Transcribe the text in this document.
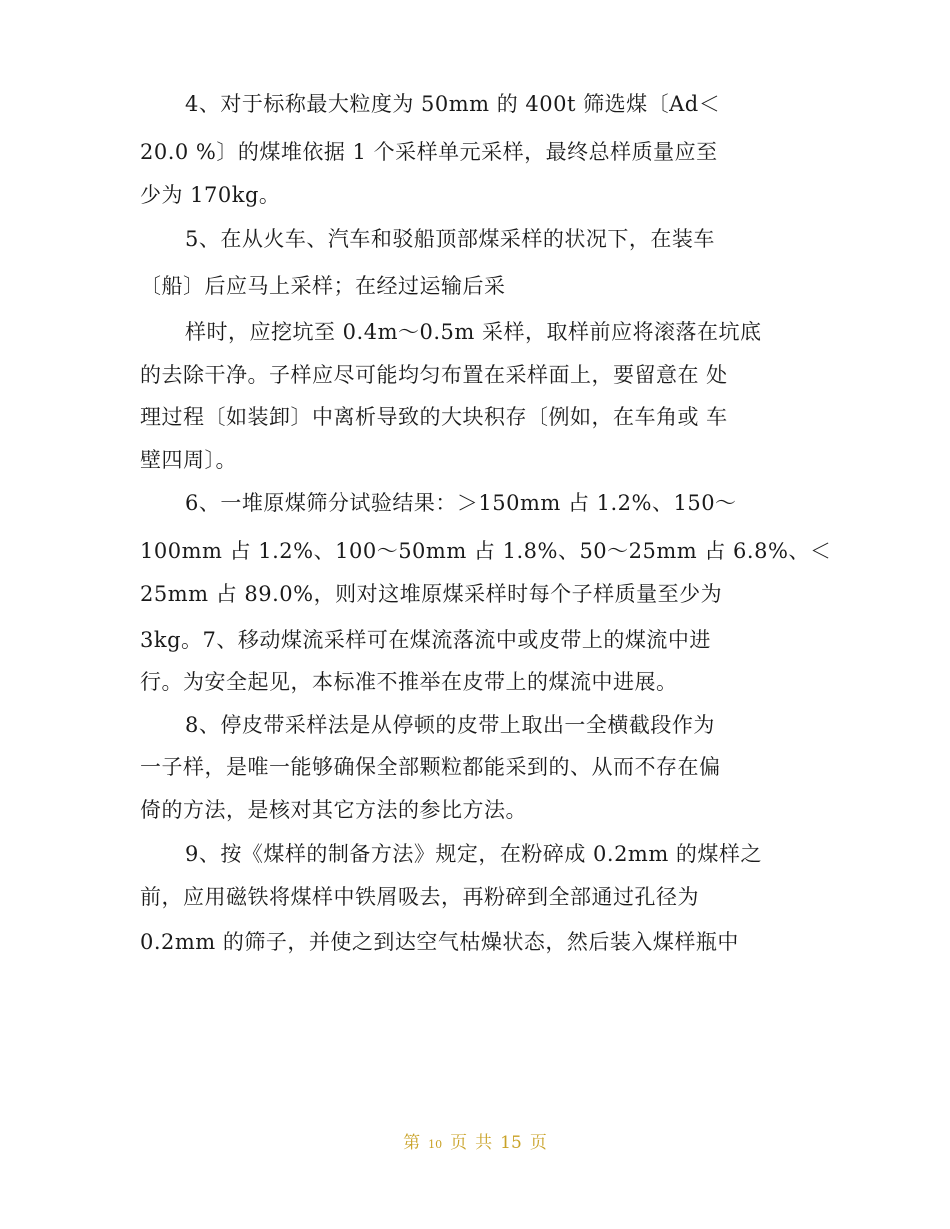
4、对于标称最大粒度为 50mm 的 400t 筛选煤〔Ad＜
20.0 %〕的煤堆依据 1 个采样单元采样，最终总样质量应至
少为 170kg。
5、在从火车、汽车和驳船顶部煤采样的状况下，在装车
〔船〕后应马上采样；在经过运输后采
样时，应挖坑至 0.4m～0.5m 采样，取样前应将滚落在坑底
的去除干净。子样应尽可能均匀布置在采样面上，要留意在 处
理过程〔如装卸〕中离析导致的大块积存〔例如，在车角或 车
壁四周〕。
6、一堆原煤筛分试验结果：＞150mm 占 1.2%、150～
100mm 占 1.2%、100～50mm 占 1.8%、50～25mm 占 6.8%、＜
25mm 占 89.0%，则对这堆原煤采样时每个子样质量至少为
3kg。7、移动煤流采样可在煤流落流中或皮带上的煤流中进
行。为安全起见，本标准不推举在皮带上的煤流中进展。
8、停皮带采样法是从停顿的皮带上取出一全横截段作为
一子样，是唯一能够确保全部颗粒都能采到的、从而不存在偏
倚的方法，是核对其它方法的参比方法。
9、按《煤样的制备方法》规定，在粉碎成 0.2mm 的煤样之
前，应用磁铁将煤样中铁屑吸去，再粉碎到全部通过孔径为
0.2mm 的筛子，并使之到达空气枯燥状态，然后装入煤样瓶中
第 10 页 共 15 页
